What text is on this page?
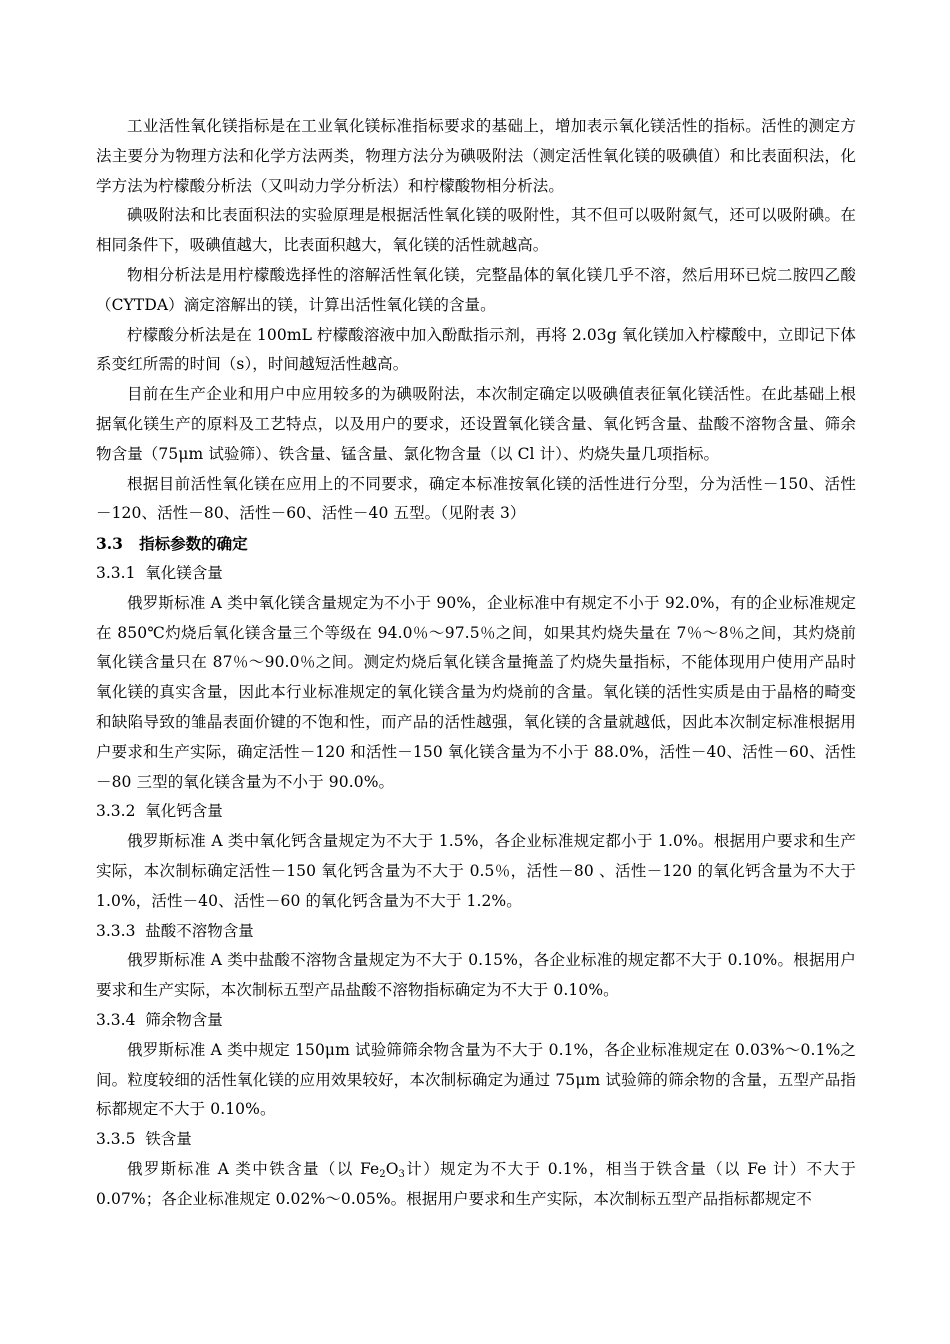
工业活性氧化镁指标是在工业氧化镁标准指标要求的基础上，增加表示氧化镁活性的指标。活性的测定方法主要分为物理方法和化学方法两类，物理方法分为碘吸附法（测定活性氧化镁的吸碘值）和比表面积法，化学方法为柠檬酸分析法（又叫动力学分析法）和柠檬酸物相分析法。

碘吸附法和比表面积法的实验原理是根据活性氧化镁的吸附性，其不但可以吸附氮气，还可以吸附碘。在相同条件下，吸碘值越大，比表面积越大，氧化镁的活性就越高。

物相分析法是用柠檬酸选择性的溶解活性氧化镁，完整晶体的氧化镁几乎不溶，然后用环已烷二胺四乙酸（CYTDA）滴定溶解出的镁，计算出活性氧化镁的含量。

柠檬酸分析法是在 100mL 柠檬酸溶液中加入酚酞指示剂，再将 2.03g 氧化镁加入柠檬酸中，立即记下体系变红所需的时间（s），时间越短活性越高。

目前在生产企业和用户中应用较多的为碘吸附法，本次制定确定以吸碘值表征氧化镁活性。在此基础上根据氧化镁生产的原料及工艺特点，以及用户的要求，还设置氧化镁含量、氧化钙含量、盐酸不溶物含量、筛余物含量（75μm 试验筛）、铁含量、锰含量、氯化物含量（以 Cl 计）、灼烧失量几项指标。

根据目前活性氧化镁在应用上的不同要求，确定本标准按氧化镁的活性进行分型，分为活性－150、活性－120、活性－80、活性－60、活性－40 五型。（见附表 3）

3.3   指标参数的确定

3.3.1  氧化镁含量

俄罗斯标准 A 类中氧化镁含量规定为不小于 90%，企业标准中有规定不小于 92.0%，有的企业标准规定在 850℃灼烧后氧化镁含量三个等级在 94.0％～97.5％之间，如果其灼烧失量在 7％～8％之间，其灼烧前氧化镁含量只在 87％～90.0％之间。测定灼烧后氧化镁含量掩盖了灼烧失量指标，不能体现用户使用产品时氧化镁的真实含量，因此本行业标准规定的氧化镁含量为灼烧前的含量。氧化镁的活性实质是由于晶格的畸变和缺陷导致的雏晶表面价键的不饱和性，而产品的活性越强，氧化镁的含量就越低，因此本次制定标准根据用户要求和生产实际，确定活性－120 和活性－150 氧化镁含量为不小于 88.0%，活性－40、活性－60、活性－80 三型的氧化镁含量为不小于 90.0%。

3.3.2  氧化钙含量

俄罗斯标准 A 类中氧化钙含量规定为不大于 1.5%，各企业标准规定都小于 1.0%。根据用户要求和生产实际，本次制标确定活性－150 氧化钙含量为不大于 0.5％，活性－80 、活性－120 的氧化钙含量为不大于 1.0%，活性－40、活性－60 的氧化钙含量为不大于 1.2%。

3.3.3  盐酸不溶物含量

俄罗斯标准 A 类中盐酸不溶物含量规定为不大于 0.15%，各企业标准的规定都不大于 0.10%。根据用户要求和生产实际，本次制标五型产品盐酸不溶物指标确定为不大于 0.10%。

3.3.4  筛余物含量

俄罗斯标准 A 类中规定 150μm 试验筛筛余物含量为不大于 0.1%，各企业标准规定在 0.03%～0.1%之间。粒度较细的活性氧化镁的应用效果较好，本次制标确定为通过 75μm 试验筛的筛余物的含量，五型产品指标都规定不大于 0.10%。

3.3.5  铁含量

俄罗斯标准 A 类中铁含量（以 $Fe_2O_3$计）规定为不大于 0.1%，相当于铁含量（以 Fe 计）不大于 0.07%；各企业标准规定 0.02%～0.05%。根据用户要求和生产实际，本次制标五型产品指标都规定不
